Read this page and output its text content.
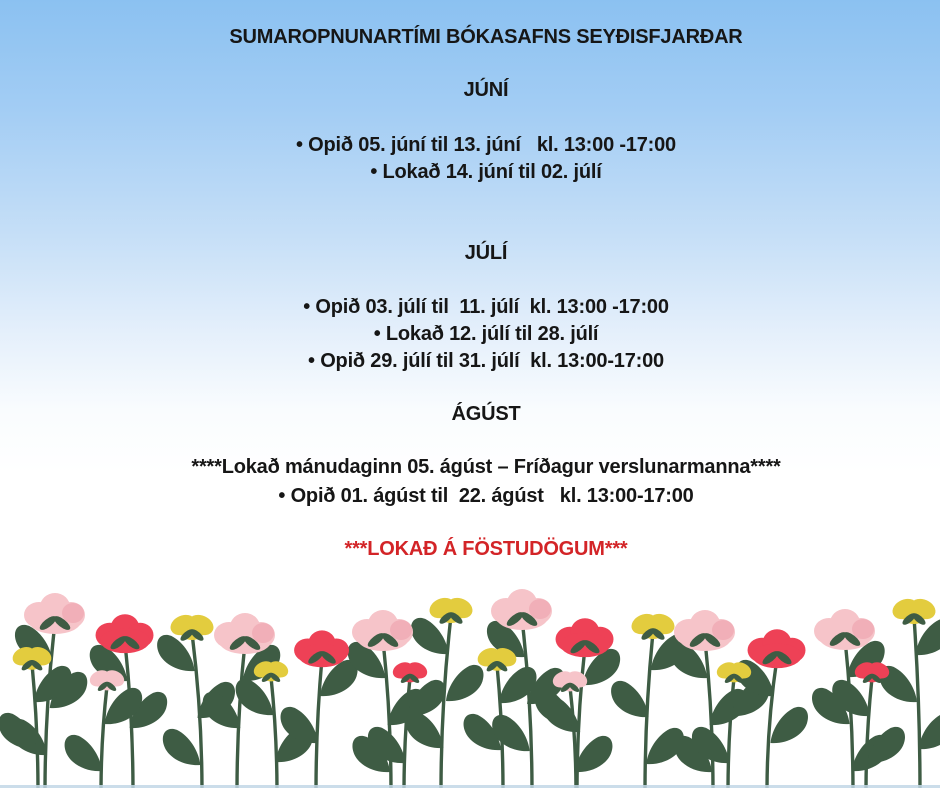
SUMAROPNUNARTÍMI BÓKASAFNS SEYÐISFJARÐAR
JÚNÍ
• Opið 05. júní til 13. júní   kl. 13:00 -17:00
• Lokað 14. júní til 02. júlí
JÚLÍ
• Opið 03. júlí til  11. júlí  kl. 13:00 -17:00
• Lokað 12. júlí til 28. júlí
• Opið 29. júlí til 31. júlí  kl. 13:00-17:00
ÁGÚST
****Lokað mánudaginn 05. ágúst – Fríðagur verslunarmanna****
• Opið 01. ágúst til  22. ágúst   kl. 13:00-17:00
***LOKAÐ Á FÖSTUDÖGUM***
